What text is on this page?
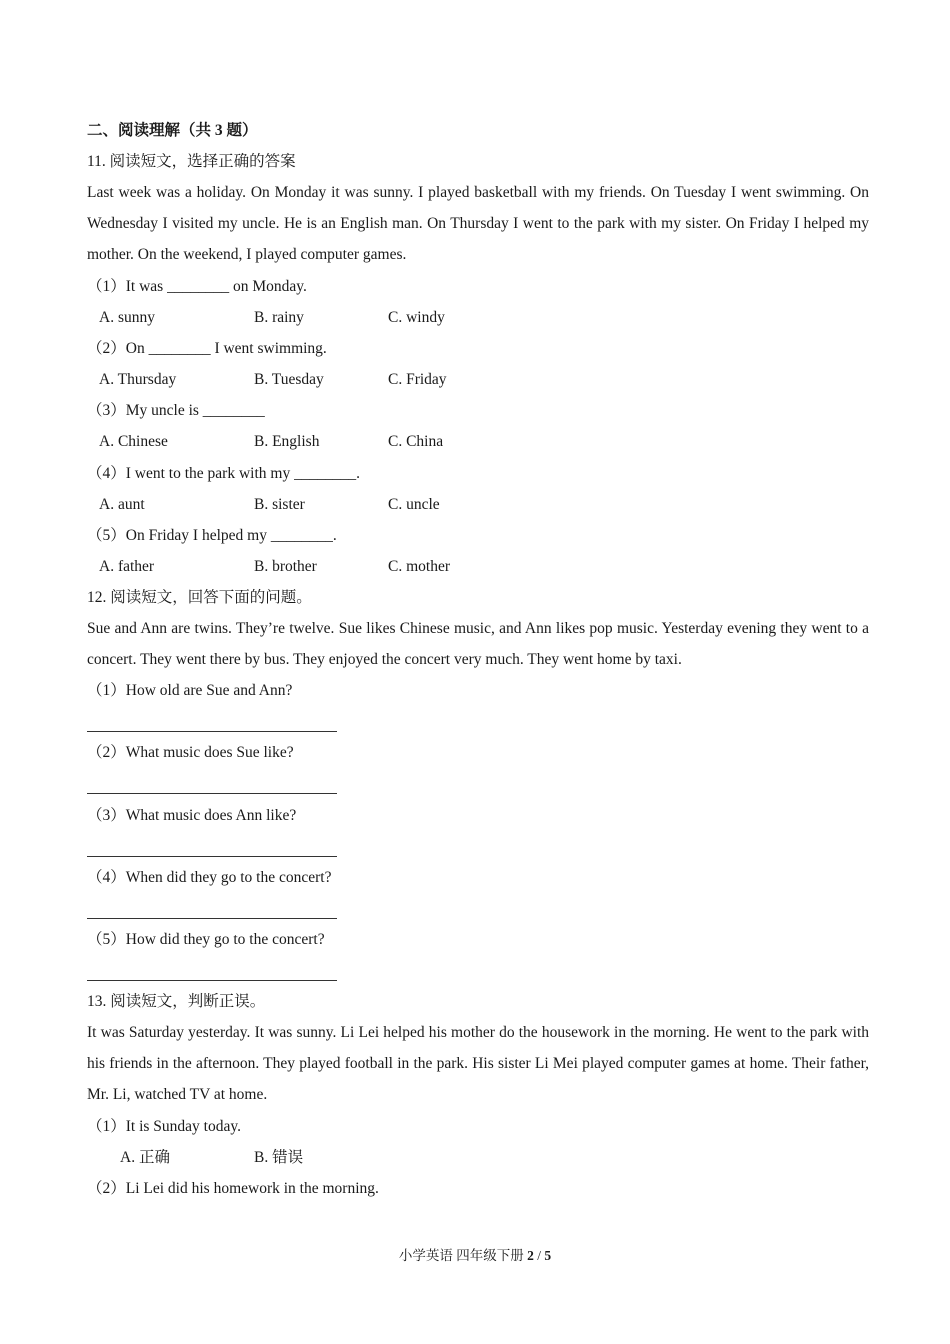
二、阅读理解（共 3 题）
11. 阅读短文，选择正确的答案
Last week was a holiday. On Monday it was sunny. I played basketball with my friends. On Tuesday I went swimming. On Wednesday I visited my uncle. He is an English man. On Thursday I went to the park with my sister. On Friday I helped my mother. On the weekend, I played computer games.
（1）It was ________ on Monday.
A. sunny	B. rainy	C. windy
（2）On ________ I went swimming.
A. Thursday	B. Tuesday	C. Friday
（3）My uncle is ________
A. Chinese	B. English	C. China
（4）I went to the park with my ________.
A. aunt	B. sister	C. uncle
（5）On Friday I helped my ________.
A. father	B. brother	C. mother
12. 阅读短文，回答下面的问题。
Sue and Ann are twins. They’re twelve. Sue likes Chinese music, and Ann likes pop music. Yesterday evening they went to a concert. They went there by bus. They enjoyed the concert very much. They went home by taxi.
（1）How old are Sue and Ann?
（2）What music does Sue like?
（3）What music does Ann like?
（4）When did they go to the concert?
（5）How did they go to the concert?
13. 阅读短文，判断正误。
It was Saturday yesterday. It was sunny. Li Lei helped his mother do the housework in the morning. He went to the park with his friends in the afternoon. They played football in the park. His sister Li Mei played computer games at home. Their father, Mr. Li, watched TV at home.
（1）It is Sunday today.
A. 正确	B. 错误
（2）Li Lei did his homework in the morning.
小学英语 四年级下册 2 / 5
